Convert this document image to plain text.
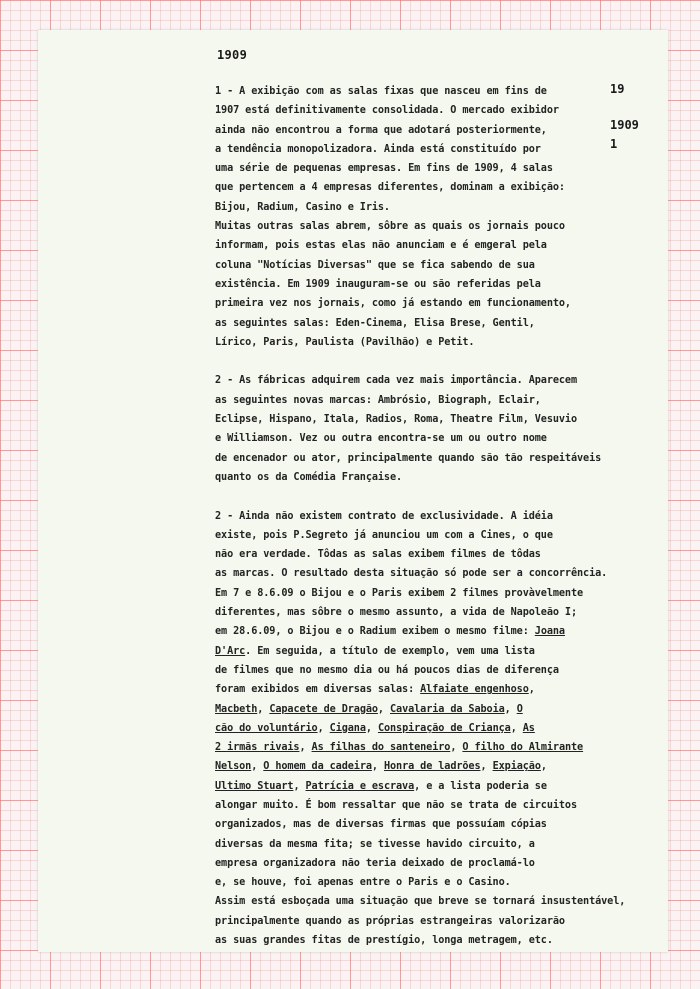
1909
19
1909
1
1 - A exibição com as salas fixas que nasceu em fins de
1907 está definitivamente consolidada. O mercado exibidor
ainda não encontrou a forma que adotará posteriormente,
a tendência monopolizadora. Ainda está constituído por
uma série de pequenas empresas. Em fins de 1909, 4 salas
que pertencem a 4 empresas diferentes, dominam a exibição:
Bijou, Radium, Casino e Iris.
Muitas outras salas abrem, sôbre as quais os jornais pouco
informam, pois estas elas não anunciam e é emgeral pela
coluna "Notícias Diversas" que se fica sabendo de sua
existência. Em 1909 inauguram-se ou são referidas pela
primeira vez nos jornais, como já estando em funcionamento,
as seguintes salas: Eden-Cinema, Elisa Brese, Gentil,
Lírico, Paris, Paulista (Pavilhão) e Petit.
2 - As fábricas adquirem cada vez mais importância. Aparecem
as seguintes novas marcas: Ambrósio, Biograph, Eclair,
Eclipse, Hispano, Itala, Radios, Roma, Theatre Film, Vesuvio
e Williamson. Vez ou outra encontra-se um ou outro nome
de encenador ou ator, principalmente quando são tão respeitáveis
quanto os da Comédia Française.
2 - Ainda não existem contrato de exclusividade. A idéia
existe, pois P.Segreto já anunciou um com a Cines, o que
não era verdade. Tôdas as salas exibem filmes de tôdas
as marcas. O resultado desta situação só pode ser a concorrência.
Em 7 e 8.6.09 o Bijou e o Paris exibem 2 filmes provàvelmente
diferentes, mas sôbre o mesmo assunto, a vida de Napoleão I;
em 28.6.09, o Bijou e o Radium exibem o mesmo filme: Joana
D'Arc. Em seguida, a título de exemplo, vem uma lista
de filmes que no mesmo dia ou há poucos dias de diferença
foram exibidos em diversas salas: Alfaiate engenhoso,
Macbeth, Capacete de Dragão, Cavalaria da Saboia, O
cão do voluntário, Cigana, Conspiração de Criança, As
2 irmãs rivais, As filhas do santeneiro, O filho do Almirante
Nelson, O homem da cadeira, Honra de ladrões, Expiação,
Ultimo Stuart, Patrícia e escrava, e a lista poderia se
alongar muito. É bom ressaltar que não se trata de circuitos
organizados, mas de diversas firmas que possuíam cópias
diversas da mesma fita; se tivesse havido circuito, a
empresa organizadora não teria deixado de proclamá-lo
e, se houve, foi apenas entre o Paris e o Casino.
Assim está esboçada uma situação que breve se tornará insustentável,
principalmente quando as próprias estrangeiras valorizarão
as suas grandes fitas de prestígio, longa metragem, etc.
